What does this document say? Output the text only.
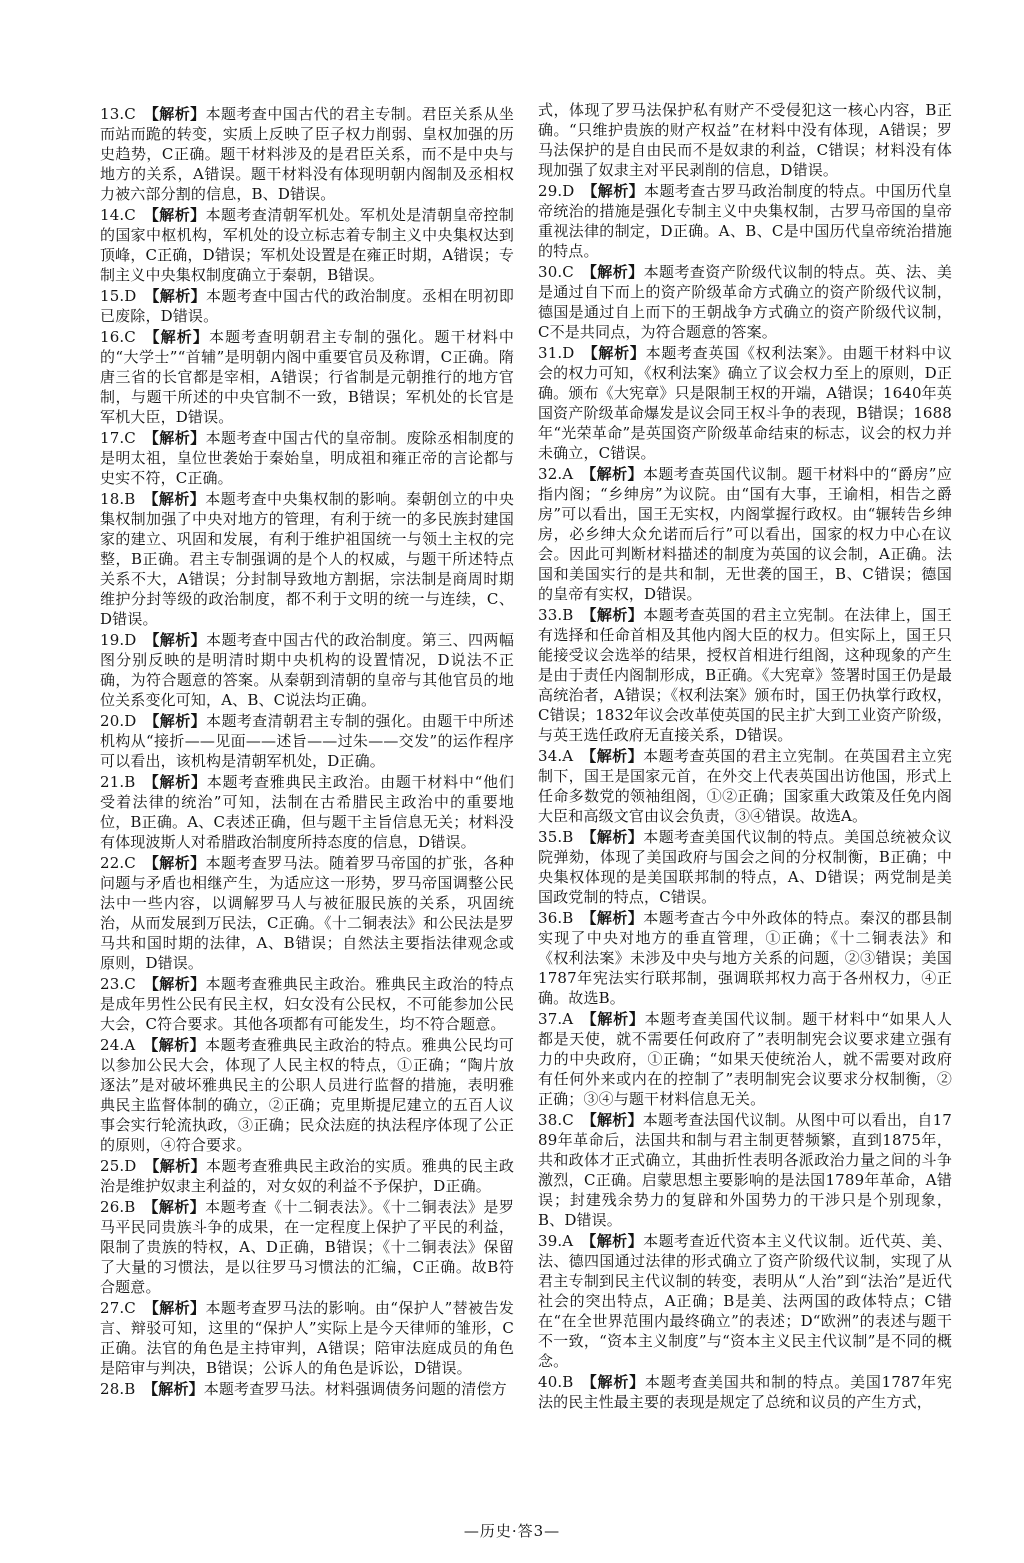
13.C  【解析】本题考查中国古代的君主专制。君臣关系从坐而站而跪的转变，实质上反映了臣子权力削弱、皇权加强的历史趋势，C正确。题干材料涉及的是君臣关系，而不是中央与地方的关系，A错误。题干材料没有体现明朝内阁制及丞相权力被六部分割的信息，B、D错误。

14.C  【解析】本题考查清朝军机处。军机处是清朝皇帝控制的国家中枢机构，军机处的设立标志着专制主义中央集权达到顶峰，C正确，D错误；军机处设置是在雍正时期，A错误；专制主义中央集权制度确立于秦朝，B错误。

15.D  【解析】本题考查中国古代的政治制度。丞相在明初即已废除，D错误。

16.C  【解析】本题考查明朝君主专制的强化。题干材料中的“大学士”“首辅”是明朝内阁中重要官员及称谓，C正确。隋唐三省的长官都是宰相，A错误；行省制是元朝推行的地方官制，与题干所述的中央官制不一致，B错误；军机处的长官是军机大臣，D错误。

17.C  【解析】本题考查中国古代的皇帝制。废除丞相制度的是明太祖，皇位世袭始于秦始皇，明成祖和雍正帝的言论都与史实不符，C正确。

18.B  【解析】本题考查中央集权制的影响。秦朝创立的中央集权制加强了中央对地方的管理，有利于统一的多民族封建国家的建立、巩固和发展，有利于维护祖国统一与领土主权的完整，B正确。君主专制强调的是个人的权威，与题干所述特点关系不大，A错误；分封制导致地方割据，宗法制是商周时期维护分封等级的政治制度，都不利于文明的统一与连续，C、D错误。

19.D  【解析】本题考查中国古代的政治制度。第三、四两幅图分别反映的是明清时期中央机构的设置情况，D说法不正确，为符合题意的答案。从秦朝到清朝的皇帝与其他官员的地位关系变化可知，A、B、C说法均正确。

20.D  【解析】本题考查清朝君主专制的强化。由题干中所述机构从“接折——见面——述旨——过朱——交发”的运作程序可以看出，该机构是清朝军机处，D正确。

21.B  【解析】本题考查雅典民主政治。由题干材料中“他们受着法律的统治”可知，法制在古希腊民主政治中的重要地位，B正确。A、C表述正确，但与题干主旨信息无关；材料没有体现波斯人对希腊政治制度所持态度的信息，D错误。

22.C  【解析】本题考查罗马法。随着罗马帝国的扩张，各种问题与矛盾也相继产生，为适应这一形势，罗马帝国调整公民法中一些内容，以调解罗马人与被征服民族的关系，巩固统治，从而发展到万民法，C正确。《十二铜表法》和公民法是罗马共和国时期的法律，A、B错误；自然法主要指法律观念或原则，D错误。

23.C  【解析】本题考查雅典民主政治。雅典民主政治的特点是成年男性公民有民主权，妇女没有公民权，不可能参加公民大会，C符合要求。其他各项都有可能发生，均不符合题意。

24.A  【解析】本题考查雅典民主政治的特点。雅典公民均可以参加公民大会，体现了人民主权的特点，①正确；“陶片放逐法”是对破坏雅典民主的公职人员进行监督的措施，表明雅典民主监督体制的确立，②正确；克里斯提尼建立的五百人议事会实行轮流执政，③正确；民众法庭的执法程序体现了公正的原则，④符合要求。

25.D  【解析】本题考查雅典民主政治的实质。雅典的民主政治是维护奴隶主利益的，对女奴的利益不予保护，D正确。

26.B  【解析】本题考查《十二铜表法》。《十二铜表法》是罗马平民同贵族斗争的成果，在一定程度上保护了平民的利益，限制了贵族的特权，A、D正确，B错误；《十二铜表法》保留了大量的习惯法，是以往罗马习惯法的汇编，C正确。故B符合题意。

27.C  【解析】本题考查罗马法的影响。由“保护人”替被告发言、辩驳可知，这里的“保护人”实际上是今天律师的雏形，C正确。法官的角色是主持审判，A错误；陪审法庭成员的角色是陪审与判决，B错误；公诉人的角色是诉讼，D错误。

28.B  【解析】本题考查罗马法。材料强调债务问题的清偿方

式，体现了罗马法保护私有财产不受侵犯这一核心内容，B正确。“只维护贵族的财产权益”在材料中没有体现，A错误；罗马法保护的是自由民而不是奴隶的利益，C错误；材料没有体现加强了奴隶主对平民剥削的信息，D错误。

29.D  【解析】本题考查古罗马政治制度的特点。中国历代皇帝统治的措施是强化专制主义中央集权制，古罗马帝国的皇帝重视法律的制定，D正确。A、B、C是中国历代皇帝统治措施的特点。

30.C  【解析】本题考查资产阶级代议制的特点。英、法、美是通过自下而上的资产阶级革命方式确立的资产阶级代议制，德国是通过自上而下的王朝战争方式确立的资产阶级代议制，C不是共同点，为符合题意的答案。

31.D  【解析】本题考查英国《权利法案》。由题干材料中议会的权力可知，《权利法案》确立了议会权力至上的原则，D正确。颁布《大宪章》只是限制王权的开端，A错误；1640年英国资产阶级革命爆发是议会同王权斗争的表现，B错误；1688年“光荣革命”是英国资产阶级革命结束的标志，议会的权力并未确立，C错误。

32.A  【解析】本题考查英国代议制。题干材料中的“爵房”应指内阁；“乡绅房”为议院。由“国有大事，王谕相，相告之爵房”可以看出，国王无实权，内阁掌握行政权。由“辗转告乡绅房，必乡绅大众允诺而后行”可以看出，国家的权力中心在议会。因此可判断材料描述的制度为英国的议会制，A正确。法国和美国实行的是共和制，无世袭的国王，B、C错误；德国的皇帝有实权，D错误。

33.B  【解析】本题考查英国的君主立宪制。在法律上，国王有选择和任命首相及其他内阁大臣的权力。但实际上，国王只能接受议会选举的结果，授权首相进行组阁，这种现象的产生是由于责任内阁制形成，B正确。《大宪章》签署时国王仍是最高统治者，A错误；《权利法案》颁布时，国王仍执掌行政权，C错误；1832年议会改革使英国的民主扩大到工业资产阶级，与英王选任政府无直接关系，D错误。

34.A  【解析】本题考查英国的君主立宪制。在英国君主立宪制下，国王是国家元首，在外交上代表英国出访他国，形式上任命多数党的领袖组阁，①②正确；国家重大政策及任免内阁大臣和高级文官由议会负责，③④错误。故选A。

35.B  【解析】本题考查美国代议制的特点。美国总统被众议院弹劾，体现了美国政府与国会之间的分权制衡，B正确；中央集权体现的是美国联邦制的特点，A、D错误；两党制是美国政党制的特点，C错误。

36.B  【解析】本题考查古今中外政体的特点。秦汉的郡县制实现了中央对地方的垂直管理，①正确；《十二铜表法》和《权利法案》未涉及中央与地方关系的问题，②③错误；美国1787年宪法实行联邦制，强调联邦权力高于各州权力，④正确。故选B。

37.A  【解析】本题考查美国代议制。题干材料中“如果人人都是天使，就不需要任何政府了”表明制宪会议要求建立强有力的中央政府，①正确；“如果天使统治人，就不需要对政府有任何外来或内在的控制了”表明制宪会议要求分权制衡，②正确；③④与题干材料信息无关。

38.C  【解析】本题考查法国代议制。从图中可以看出，自1789年革命后，法国共和制与君主制更替频繁，直到1875年，共和政体才正式确立，其曲折性表明各派政治力量之间的斗争激烈，C正确。启蒙思想主要影响的是法国1789年革命，A错误；封建残余势力的复辟和外国势力的干涉只是个别现象，B、D错误。

39.A  【解析】本题考查近代资本主义代议制。近代英、美、法、德四国通过法律的形式确立了资产阶级代议制，实现了从君主专制到民主代议制的转变，表明从“人治”到“法治”是近代社会的突出特点，A正确；B是美、法两国的政体特点；C错在“在全世界范围内最终确立”的表述；D“欧洲”的表述与题干不一致，“资本主义制度”与“资本主义民主代议制”是不同的概念。

40.B  【解析】本题考查美国共和制的特点。美国1787年宪法的民主性最主要的表现是规定了总统和议员的产生方式，

—历史·答3—
